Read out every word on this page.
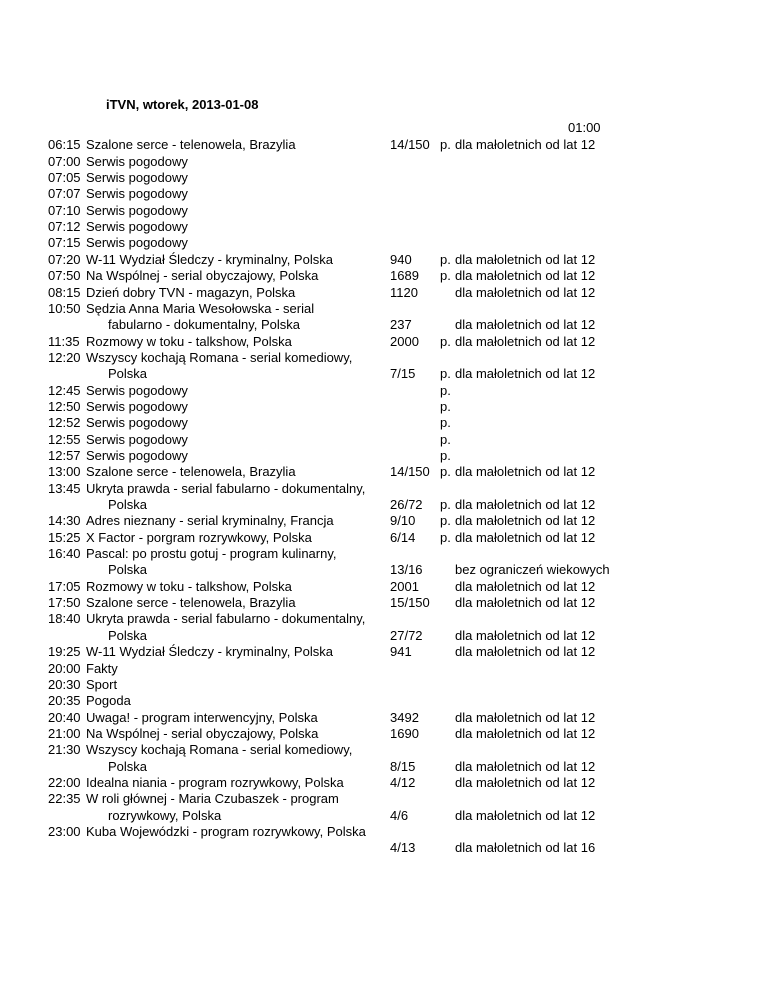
iTVN, wtorek, 2013-01-08
01:00
06:15 Szalone serce - telenowela, Brazylia	14/150 p. dla małoletnich od lat 12
07:00 Serwis pogodowy
07:05 Serwis pogodowy
07:07 Serwis pogodowy
07:10 Serwis pogodowy
07:12 Serwis pogodowy
07:15 Serwis pogodowy
07:20 W-11 Wydział Śledczy - kryminalny, Polska	940 p. dla małoletnich od lat 12
07:50 Na Wspólnej - serial obyczajowy, Polska	1689 p. dla małoletnich od lat 12
08:15 Dzień dobry TVN - magazyn, Polska	1120	dla małoletnich od lat 12
10:50 Sędzia Anna Maria Wesołowska - serial
fabularno - dokumentalny, Polska	237	dla małoletnich od lat 12
11:35 Rozmowy w toku - talkshow, Polska	2000 p. dla małoletnich od lat 12
12:20 Wszyscy kochają Romana - serial komediowy,
Polska	7/15 p. dla małoletnich od lat 12
12:45 Serwis pogodowy	p.
12:50 Serwis pogodowy	p.
12:52 Serwis pogodowy	p.
12:55 Serwis pogodowy	p.
12:57 Serwis pogodowy	p.
13:00 Szalone serce - telenowela, Brazylia	14/150 p. dla małoletnich od lat 12
13:45 Ukryta prawda - serial fabularno - dokumentalny,
Polska	26/72 p. dla małoletnich od lat 12
14:30 Adres nieznany - serial kryminalny, Francja	9/10 p. dla małoletnich od lat 12
15:25 X Factor - porgram rozrywkowy, Polska	6/14 p. dla małoletnich od lat 12
16:40 Pascal: po prostu gotuj - program kulinarny,
Polska	13/16 bez ograniczeń wiekowych
17:05 Rozmowy w toku - talkshow, Polska	2001	dla małoletnich od lat 12
17:50 Szalone serce - telenowela, Brazylia	15/150 dla małoletnich od lat 12
18:40 Ukryta prawda - serial fabularno - dokumentalny,
Polska	27/72 dla małoletnich od lat 12
19:25 W-11 Wydział Śledczy - kryminalny, Polska	941	dla małoletnich od lat 12
20:00 Fakty
20:30 Sport
20:35 Pogoda
20:40 Uwaga! - program interwencyjny, Polska	3492	dla małoletnich od lat 12
21:00 Na Wspólnej - serial obyczajowy, Polska	1690	dla małoletnich od lat 12
21:30 Wszyscy kochają Romana - serial komediowy,
Polska	8/15	dla małoletnich od lat 12
22:00 Idealna niania - program rozrywkowy, Polska	4/12	dla małoletnich od lat 12
22:35 W roli głównej - Maria Czubaszek - program
rozrywkowy, Polska	4/6	dla małoletnich od lat 12
23:00 Kuba Wojewódzki - program rozrywkowy, Polska
4/13	dla małoletnich od lat 16
